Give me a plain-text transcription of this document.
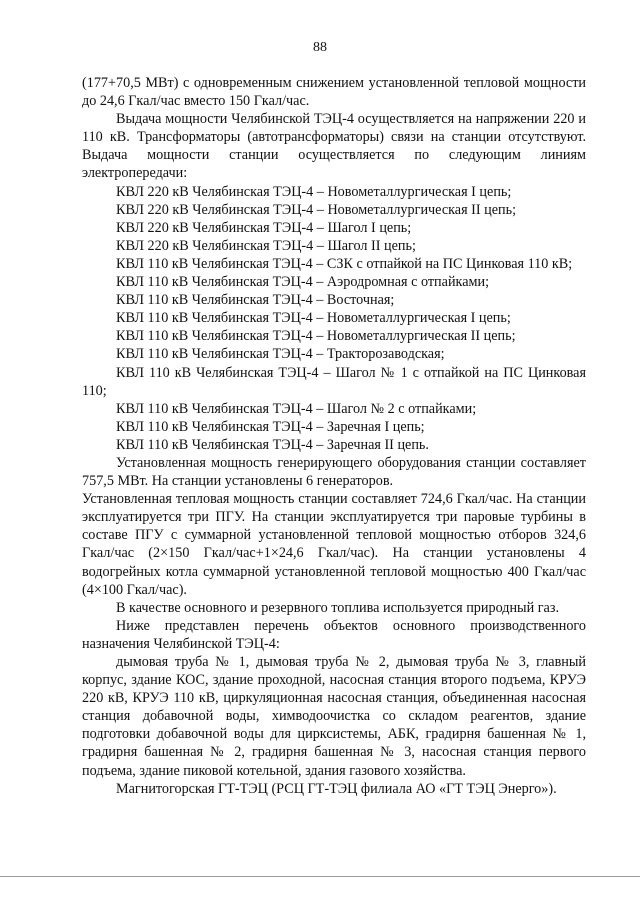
88

(177+70,5 МВт) с одновременным снижением установленной тепловой мощности до 24,6 Гкал/час вместо 150 Гкал/час.

Выдача мощности Челябинской ТЭЦ-4 осуществляется на напряжении 220 и 110 кВ. Трансформаторы (автотрансформаторы) связи на станции отсутствуют. Выдача мощности станции осуществляется по следующим линиям электропередачи:

КВЛ 220 кВ Челябинская ТЭЦ-4 – Новометаллургическая I цепь;

КВЛ 220 кВ Челябинская ТЭЦ-4 – Новометаллургическая II цепь;

КВЛ 220 кВ Челябинская ТЭЦ-4 – Шагол I цепь;

КВЛ 220 кВ Челябинская ТЭЦ-4 – Шагол II цепь;

КВЛ 110 кВ Челябинская ТЭЦ-4 – СЗК с отпайкой на ПС Цинковая 110 кВ;

КВЛ 110 кВ Челябинская ТЭЦ-4 – Аэродромная с отпайками;

КВЛ 110 кВ Челябинская ТЭЦ-4 – Восточная;

КВЛ 110 кВ Челябинская ТЭЦ-4 – Новометаллургическая I цепь;

КВЛ 110 кВ Челябинская ТЭЦ-4 – Новометаллургическая II цепь;

КВЛ 110 кВ Челябинская ТЭЦ-4 – Тракторозаводская;

КВЛ 110 кВ Челябинская ТЭЦ-4 – Шагол № 1 с отпайкой на ПС Цинковая 110;

КВЛ 110 кВ Челябинская ТЭЦ-4 – Шагол № 2 с отпайками;

КВЛ 110 кВ Челябинская ТЭЦ-4 – Заречная I цепь;

КВЛ 110 кВ Челябинская ТЭЦ-4 – Заречная II цепь.

Установленная мощность генерирующего оборудования станции составляет 757,5 МВт. На станции установлены 6 генераторов.

Установленная тепловая мощность станции составляет 724,6 Гкал/час. На станции эксплуатируется три ПГУ. На станции эксплуатируется три паровые турбины в составе ПГУ с суммарной установленной тепловой мощностью отборов 324,6 Гкал/час (2×150 Гкал/час+1×24,6 Гкал/час). На станции установлены 4 водогрейных котла суммарной установленной тепловой мощностью 400 Гкал/час (4×100 Гкал/час).

В качестве основного и резервного топлива используется природный газ.

Ниже представлен перечень объектов основного производственного назначения Челябинской ТЭЦ-4:

дымовая труба № 1, дымовая труба № 2, дымовая труба № 3, главный корпус, здание КОС, здание проходной, насосная станция второго подъема, КРУЭ 220 кВ, КРУЭ 110 кВ, циркуляционная насосная станция, объединенная насосная станция добавочной воды, химводоочистка со складом реагентов, здание подготовки добавочной воды для цирксистемы, АБК, градирня башенная № 1, градирня башенная № 2, градирня башенная № 3, насосная станция первого подъема, здание пиковой котельной, здания газового хозяйства.

Магнитогорская ГТ-ТЭЦ (РСЦ ГТ-ТЭЦ филиала АО «ГТ ТЭЦ Энерго»).
